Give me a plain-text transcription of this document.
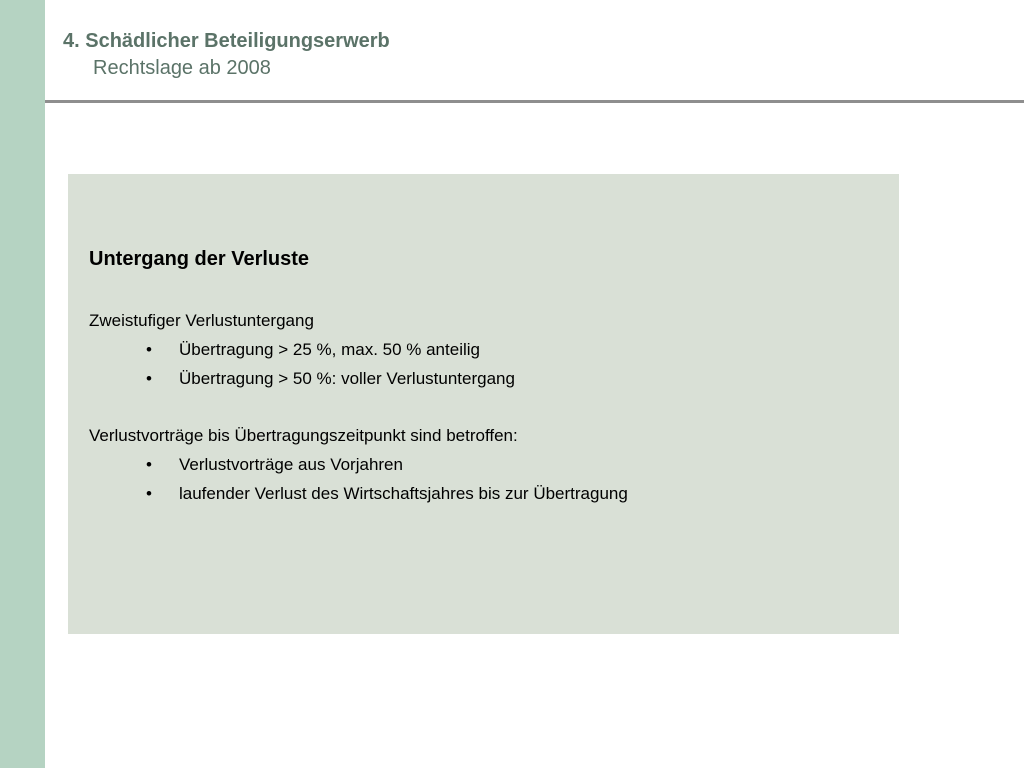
4. Schädlicher Beteiligungserwerb
Rechtslage ab 2008
Untergang der Verluste
Zweistufiger Verlustuntergang
• Übertragung > 25 %, max. 50 % anteilig
• Übertragung > 50 %: voller Verlustuntergang
Verlustvorträge bis Übertragungszeitpunkt sind betroffen:
• Verlustvorträge aus Vorjahren
• laufender Verlust des Wirtschaftsjahres bis zur Übertragung
